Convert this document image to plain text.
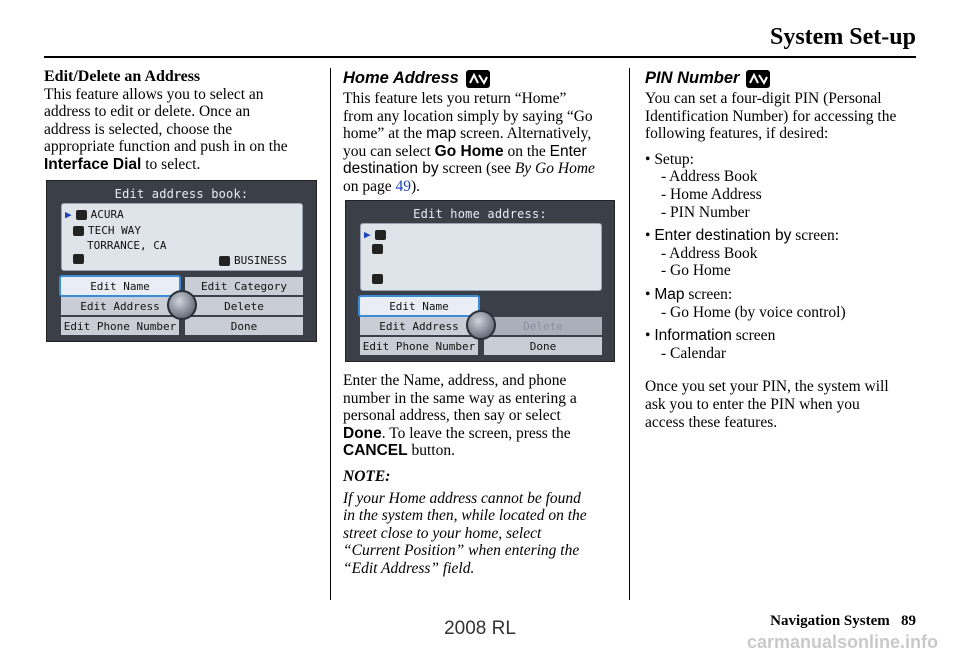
System Set-up

Edit/Delete an Address

This feature allows you to select an

address to edit or delete. Once an

address is selected, choose the

appropriate function and push in on the

Interface Dial to select.

Edit address book:
▶ ACURA
TECH WAY
TORRANCE, CA
BUSINESS
Edit Name	Edit Category
Edit Address	Delete
Edit Phone Number	Done
Home Address

This feature lets you return “Home”

from any location simply by saying “Go

home” at the map screen. Alternatively,

you can select Go Home on the Enter

destination by screen (see By Go Home

on page 49).

Edit home address:
▶
Edit Name
Edit Address	Delete
Edit Phone Number	Done

Enter the Name, address, and phone

number in the same way as entering a

personal address, then say or select

Done. To leave the screen, press the

CANCEL button.

NOTE:

If your Home address cannot be found

in the system then, while located on the

street close to your home, select

“Current Position” when entering the

“Edit Address” field.

PIN Number

You can set a four-digit PIN (Personal

Identification Number) for accessing the

following features, if desired:

• Setup:
- Address Book
- Home Address
- PIN Number
• Enter destination by screen:
- Address Book
- Go Home
• Map screen:
- Go Home (by voice control)
• Information screen
- Calendar

Once you set your PIN, the system will

ask you to enter the PIN when you

access these features.

Navigation System 89
2008 RL
carmanualsonline.info
